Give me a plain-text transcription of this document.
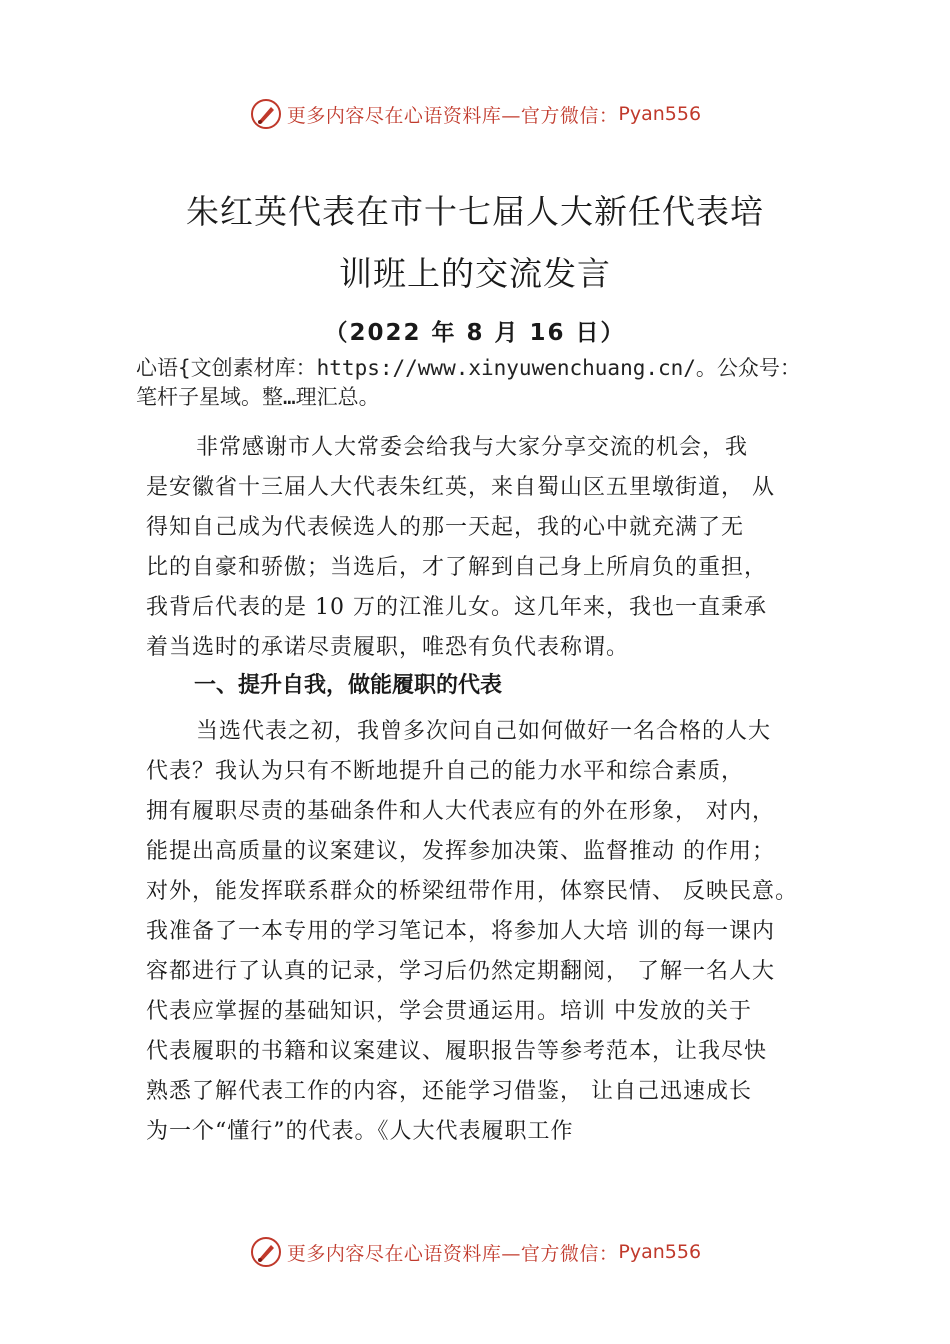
更多内容尽在心语资料库—官方微信： Pyan556
朱红英代表在市十七届人大新任代表培
训班上的交流发言
（2022 年 8 月 16 日）
心语{文创素材库：https://www.xinyuwenchuang.cn/。公众号：
笔杆子星域。整…理汇总。
非常感谢市人大常委会给我与大家分享交流的机会，我
是安徽省十三届人大代表朱红英，来自蜀山区五里墩街道， 从
得知自己成为代表候选人的那一天起，我的心中就充满了无
比的自豪和骄傲；当选后，才了解到自己身上所肩负的重担，
我背后代表的是 10 万的江淮儿女。这几年来，我也一直秉承
着当选时的承诺尽责履职，唯恐有负代表称谓。
一、提升自我，做能履职的代表
当选代表之初，我曾多次问自己如何做好一名合格的人大
代表？我认为只有不断地提升自己的能力水平和综合素质，
拥有履职尽责的基础条件和人大代表应有的外在形象， 对内，
能提出高质量的议案建议，发挥参加决策、监督推动 的作用；
对外，能发挥联系群众的桥梁纽带作用，体察民情、 反映民意。
我准备了一本专用的学习笔记本，将参加人大培 训的每一课内
容都进行了认真的记录，学习后仍然定期翻阅， 了解一名人大
代表应掌握的基础知识，学会贯通运用。培训 中发放的关于
代表履职的书籍和议案建议、履职报告等参考范本，让我尽快
熟悉了解代表工作的内容，还能学习借鉴， 让自己迅速成长
为一个“懂行”的代表。《人大代表履职工作
更多内容尽在心语资料库—官方微信： Pyan556
